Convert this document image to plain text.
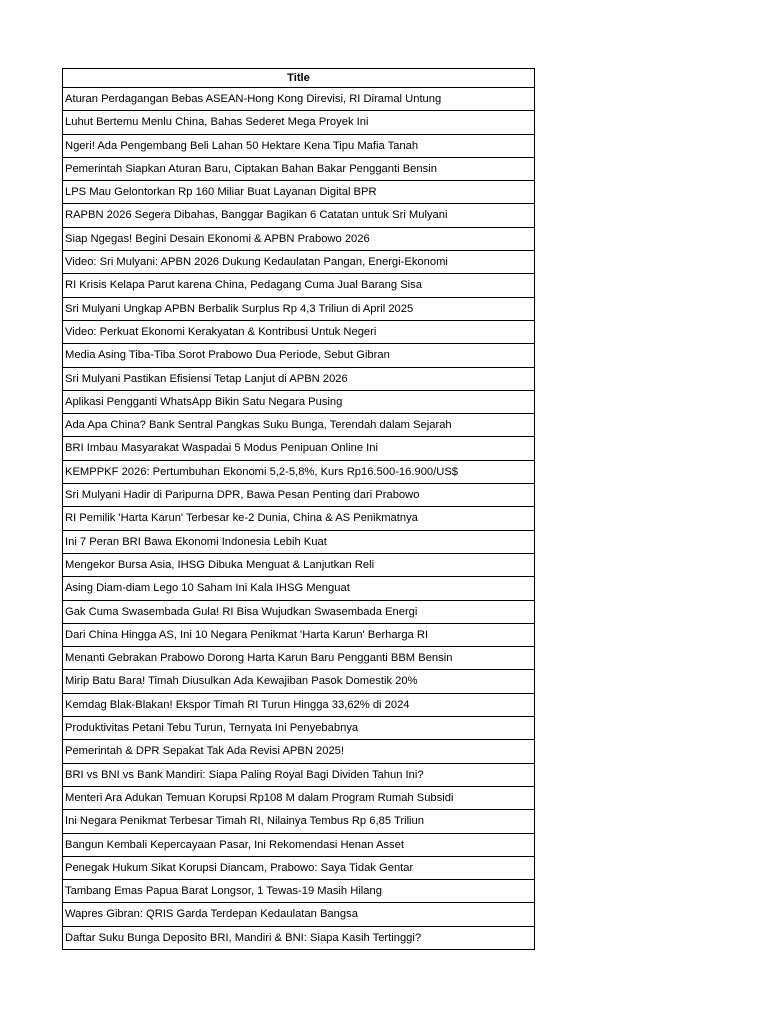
Title
Aturan Perdagangan Bebas ASEAN-Hong Kong Direvisi, RI Diramal Untung
Luhut Bertemu Menlu China, Bahas Sederet Mega Proyek Ini
Ngeri! Ada Pengembang Beli Lahan 50 Hektare Kena Tipu Mafia Tanah
Pemerintah Siapkan Aturan Baru, Ciptakan Bahan Bakar Pengganti Bensin
LPS Mau Gelontorkan Rp 160 Miliar Buat Layanan Digital BPR
RAPBN 2026 Segera Dibahas, Banggar Bagikan 6 Catatan untuk Sri Mulyani
Siap Ngegas! Begini Desain Ekonomi & APBN Prabowo 2026
Video: Sri Mulyani: APBN 2026 Dukung Kedaulatan Pangan, Energi-Ekonomi
RI Krisis Kelapa Parut karena China, Pedagang Cuma Jual Barang Sisa
Sri Mulyani Ungkap APBN Berbalik Surplus Rp 4,3 Triliun di April 2025
Video: Perkuat Ekonomi Kerakyatan & Kontribusi Untuk Negeri
Media Asing Tiba-Tiba Sorot Prabowo Dua Periode, Sebut Gibran
Sri Mulyani Pastikan Efisiensi Tetap Lanjut di APBN 2026
Aplikasi Pengganti WhatsApp Bikin Satu Negara Pusing
Ada Apa China? Bank Sentral Pangkas Suku Bunga, Terendah dalam Sejarah
BRI Imbau Masyarakat Waspadai 5 Modus Penipuan Online Ini
KEMPPKF 2026: Pertumbuhan Ekonomi 5,2-5,8%, Kurs Rp16.500-16.900/US$
Sri Mulyani Hadir di Paripurna DPR, Bawa Pesan Penting dari Prabowo
RI Pemilik 'Harta Karun' Terbesar ke-2 Dunia, China & AS Penikmatnya
Ini 7 Peran BRI Bawa Ekonomi Indonesia Lebih Kuat
Mengekor Bursa Asia, IHSG Dibuka Menguat & Lanjutkan Reli
Asing Diam-diam Lego 10 Saham Ini Kala IHSG Menguat
Gak Cuma Swasembada Gula! RI Bisa Wujudkan Swasembada Energi
Dari China Hingga AS, Ini 10 Negara Penikmat 'Harta Karun' Berharga RI
Menanti Gebrakan Prabowo Dorong Harta Karun Baru Pengganti BBM Bensin
Mirip Batu Bara! Timah Diusulkan Ada Kewajiban Pasok Domestik 20%
Kemdag Blak-Blakan! Ekspor Timah RI Turun Hingga 33,62% di 2024
Produktivitas Petani Tebu Turun, Ternyata Ini Penyebabnya
Pemerintah & DPR Sepakat Tak Ada Revisi APBN 2025!
BRI vs BNI vs Bank Mandiri: Siapa Paling Royal Bagi Dividen Tahun Ini?
Menteri Ara Adukan Temuan Korupsi Rp108 M dalam Program Rumah Subsidi
Ini Negara Penikmat Terbesar Timah RI, Nilainya Tembus Rp 6,85 Triliun
Bangun Kembali Kepercayaan Pasar, Ini Rekomendasi Henan Asset
Penegak Hukum Sikat Korupsi Diancam, Prabowo: Saya Tidak Gentar
Tambang Emas Papua Barat Longsor, 1 Tewas-19 Masih Hilang
Wapres Gibran: QRIS Garda Terdepan Kedaulatan Bangsa
Daftar Suku Bunga Deposito BRI, Mandiri & BNI: Siapa Kasih Tertinggi?
